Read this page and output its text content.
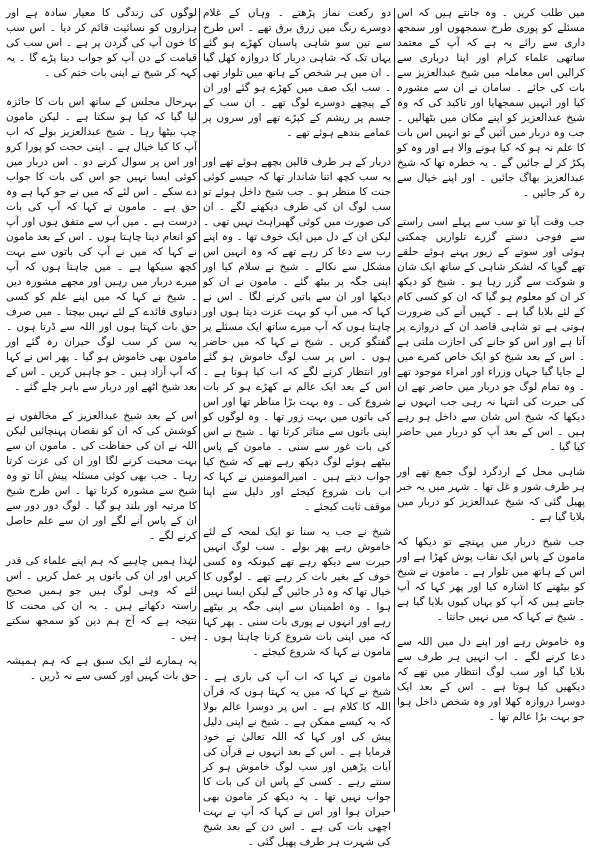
میں طلب کریں ۔ وہ جانتے ہیں کہ اس مسئلے کو پوری طرح سمجھوں اور سمجھ داری سے رائے یہ ہے کہ آپ کے معتمد ساتھی علماء کرام اور اپنا درباری سے کرالیں اس معاملہ میں شیخ عبدالعزیز سے بات کی جائے ۔ سامان نے ان سے مشورہ کیا اور انہیں سمجھایا اور تاکید کی کہ وہ شیخ عبدالعزیز کو اپنے مکان میں بٹھالیں ۔ جب وہ دربار میں آئیں گے تو انہیں اس بات کا علم نہ ہو کہ کیا ہونے والا ہے اور وہ کو پکڑ کر لے جائیں گے ۔ یہ خطرہ تھا کہ شیخ عبدالعزیز بھاگ جائیں ۔ اور اپنے خیال سے رہ کر جائیں ۔

جب وقت آیا تو سب سے پہلے اسی راستے سے فوجی دستے گزرے تلواریں چمکتی ہوئی اور سونے کے زیور پہنے ہوئے حلقے تھے گویا کہ لشکر شاہی کے ساتھ ایک شان و شوکت سے گزر رہا ہو ۔ شیخ کو دیکھ کر ان کو معلوم ہو گیا کہ ان کو کسی کام کے لئے بلایا گیا ہے ۔ کہیں آنے کی ضرورت ہوتی ہے تو شاہی قاصد ان کے دروازے پر آتا ہے اور اس کو جانے کی اجازت ملتی ہے ۔ اس کے بعد شیخ کو ایک خاص کمرے میں لے جایا گیا جہاں وزراء اور امراء موجود تھے ۔ وہ تمام لوگ جو دربار میں حاضر تھے ان کی حیرت کی انتہا نہ رہی جب انہوں نے دیکھا کہ شیخ اس شان سے داخل ہو رہے ہیں ۔ اس کے بعد آپ کو دربار میں حاضر کیا گیا ۔

شاہی محل کے اردگرد لوگ جمع تھے اور ہر طرف شور و غل تھا ۔ شہر میں یہ خبر پھیل گئی کہ شیخ عبدالعزیز کو دربار میں بلایا گیا ہے ۔

جب شیخ دربار میں پہنچے تو دیکھا کہ مامون کے پاس ایک نقاب پوش کھڑا ہے اور اس کے ہاتھ میں تلوار ہے ۔ مامون نے شیخ کو بیٹھنے کا اشارہ کیا اور پھر کہا کہ آپ جانتے ہیں کہ آپ کو یہاں کیوں بلایا گیا ہے ۔ شیخ نے کہا کہ میں نہیں جانتا ۔

وہ خاموش رہے اور اپنے دل میں اللہ سے دعا کرنے لگے ۔ اب انہیں ہر طرف سے بلایا گیا اور سب لوگ انتظار میں تھے کہ دیکھیں کیا ہوتا ہے ۔ اس کے بعد ایک دوسرا دروازہ کھلا اور وہ شخص داخل ہوا جو بہت بڑا عالم تھا ۔

دو رکعت نماز پڑھتے ۔ وہاں کے غلام دوسرے رنگ میں زرق برق تھے ۔ اس طرح سے تین سو شاہی پاسبان کھڑے ہو گئے یہاں تک کہ شاہی دربار کا دروازہ کھل گیا ۔ ان میں ہر شخص کے ہاتھ میں تلوار تھی ۔ سب ایک صف میں کھڑے ہو گئے اور ان کے پیچھے دوسرے لوگ تھے ۔ ان سب کے جسم پر ریشم کے کپڑے تھے اور سروں پر عمامے بندھے ہوئے تھے ۔

دربار کے ہر طرف قالین بچھے ہوئے تھے اور یہ سب کچھ اتنا شاندار تھا کہ جیسے کوئی جنت کا منظر ہو ۔ جب شیخ داخل ہوئے تو سب لوگ ان کی طرف دیکھنے لگے ۔ ان کی صورت میں کوئی گھبراہٹ نہیں تھی ۔ لیکن ان کے دل میں ایک خوف تھا ۔ وہ اپنے رب سے دعا کر رہے تھے کہ وہ انہیں اس مشکل سے نکالے ۔ شیخ نے سلام کیا اور اپنی جگہ پر بیٹھ گئے ۔ مامون نے ان کو دیکھا اور ان سے باتیں کرنے لگا ۔ اس نے کہا کہ میں آپ کو بہت عزت دیتا ہوں اور چاہتا ہوں کہ آپ میرے ساتھ ایک مسئلے پر گفتگو کریں ۔ شیخ نے کہا کہ میں حاضر ہوں ۔ اس پر سب لوگ خاموش ہو گئے اور انتظار کرنے لگے کہ اب کیا ہوتا ہے ۔ اس کے بعد ایک عالم نے کھڑے ہو کر بات شروع کی ۔ وہ بہت بڑا مناظر تھا اور اس کی باتوں میں بہت زور تھا ۔ وہ لوگوں کو اپنی باتوں سے متاثر کرتا تھا ۔ شیخ نے اس کی بات غور سے سنی ۔ مامون کے پاس بیٹھے ہوئے لوگ دیکھ رہے تھے کہ شیخ کیا جواب دیتے ہیں ۔ امیرالمومنین نے کہا کہ اب بات شروع کیجئے اور دلیل سے اپنا موقف ثابت کیجئے ۔

شیخ نے جب یہ سنا تو ایک لمحہ کے لئے خاموش رہے پھر بولے ۔ سب لوگ انہیں حیرت سے دیکھ رہے تھے کیونکہ وہ کسی خوف کے بغیر بات کر رہے تھے ۔ لوگوں کا خیال تھا کہ وہ ڈر جائیں گے لیکن ایسا نہیں ہوا ۔ وہ اطمینان سے اپنی جگہ پر بیٹھے رہے اور انہوں نے پوری بات سنی ۔ پھر کہا کہ میں اپنی بات شروع کرنا چاہتا ہوں ۔ مامون نے کہا کہ شروع کیجئے ۔

مامون نے کہا کہ اب آپ کی باری ہے ۔ شیخ نے کہا کہ میں یہ کہتا ہوں کہ قرآن اللہ کا کلام ہے ۔ اس پر دوسرا عالم بولا کہ یہ کیسے ممکن ہے ۔ شیخ نے اپنی دلیل پیش کی اور کہا کہ اللہ تعالیٰ نے خود فرمایا ہے ۔ اس کے بعد انہوں نے قرآن کی آیات پڑھیں اور سب لوگ خاموش ہو کر سنتے رہے ۔ کسی کے پاس ان کی بات کا جواب نہیں تھا ۔ یہ دیکھ کر مامون بھی حیران ہوا اور اس نے کہا کہ آپ نے بہت اچھی بات کی ہے ۔ اس دن کے بعد شیخ کی شہرت ہر طرف پھیل گئی ۔

لوگوں کی زندگی کا معیار سادہ ہے اور ہزاروں کو نسائیت قائم کر دیا ۔ اس سب کا خون آپ کی گردن پر ہے ۔ اس سب کی قیامت کے دن آپ کو جواب دینا پڑے گا ۔ یہ کہہ کر شیخ نے اپنی بات ختم کی ۔

بہرحال مجلس کے ساتھ اس بات کا جائزہ لیا گیا کہ کیا ہو سکتا ہے ۔ لیکن مامون چپ بیٹھا رہا ۔ شیخ عبدالعزیز بولے کہ اب آپ کا کیا خیال ہے ۔ اپنی حجت کو پورا کرو اور اس پر سوال کرنے دو ۔ اس دربار میں کوئی ایسا نہیں جو اس کی بات کا جواب دے سکے ۔ اس لئے کہ میں نے جو کہا ہے وہ حق ہے ۔ مامون نے کہا کہ آپ کی بات درست ہے ۔ میں آپ سے متفق ہوں اور آپ کو انعام دینا چاہتا ہوں ۔ اس کے بعد مامون نے کہا کہ میں نے آپ کی باتوں سے بہت کچھ سیکھا ہے ۔ میں چاہتا ہوں کہ آپ میرے دربار میں رہیں اور مجھے مشورہ دیں ۔ شیخ نے کہا کہ میں اپنے علم کو کسی دنیاوی فائدے کے لئے نہیں بیچتا ۔ میں صرف حق بات کہتا ہوں اور اللہ سے ڈرتا ہوں ۔ یہ سن کر سب لوگ حیران رہ گئے اور مامون بھی خاموش ہو گیا ۔ پھر اس نے کہا کہ آپ آزاد ہیں ۔ جو چاہیں کریں ۔ اس کے بعد شیخ اٹھے اور دربار سے باہر چلے گئے ۔

اس کے بعد شیخ عبدالعزیز کے مخالفوں نے کوشش کی کہ ان کو نقصان پہنچائیں لیکن اللہ نے ان کی حفاظت کی ۔ مامون ان سے بہت محبت کرنے لگا اور ان کی عزت کرتا رہا ۔ جب بھی کوئی مسئلہ پیش آتا تو وہ شیخ سے مشورہ کرتا تھا ۔ اس طرح شیخ کا مرتبہ اور بلند ہو گیا ۔ لوگ دور دور سے ان کے پاس آنے لگے اور ان سے علم حاصل کرنے لگے ۔

لہٰذا ہمیں چاہیے کہ ہم اپنے علماء کی قدر کریں اور ان کی باتوں پر عمل کریں ۔ اس لئے کہ وہی لوگ ہیں جو ہمیں صحیح راستہ دکھاتے ہیں ۔ یہ ان کی محنت کا نتیجہ ہے کہ آج ہم دین کو سمجھ سکتے ہیں ۔

یہ ہمارے لئے ایک سبق ہے کہ ہم ہمیشہ حق بات کہیں اور کسی سے نہ ڈریں ۔
